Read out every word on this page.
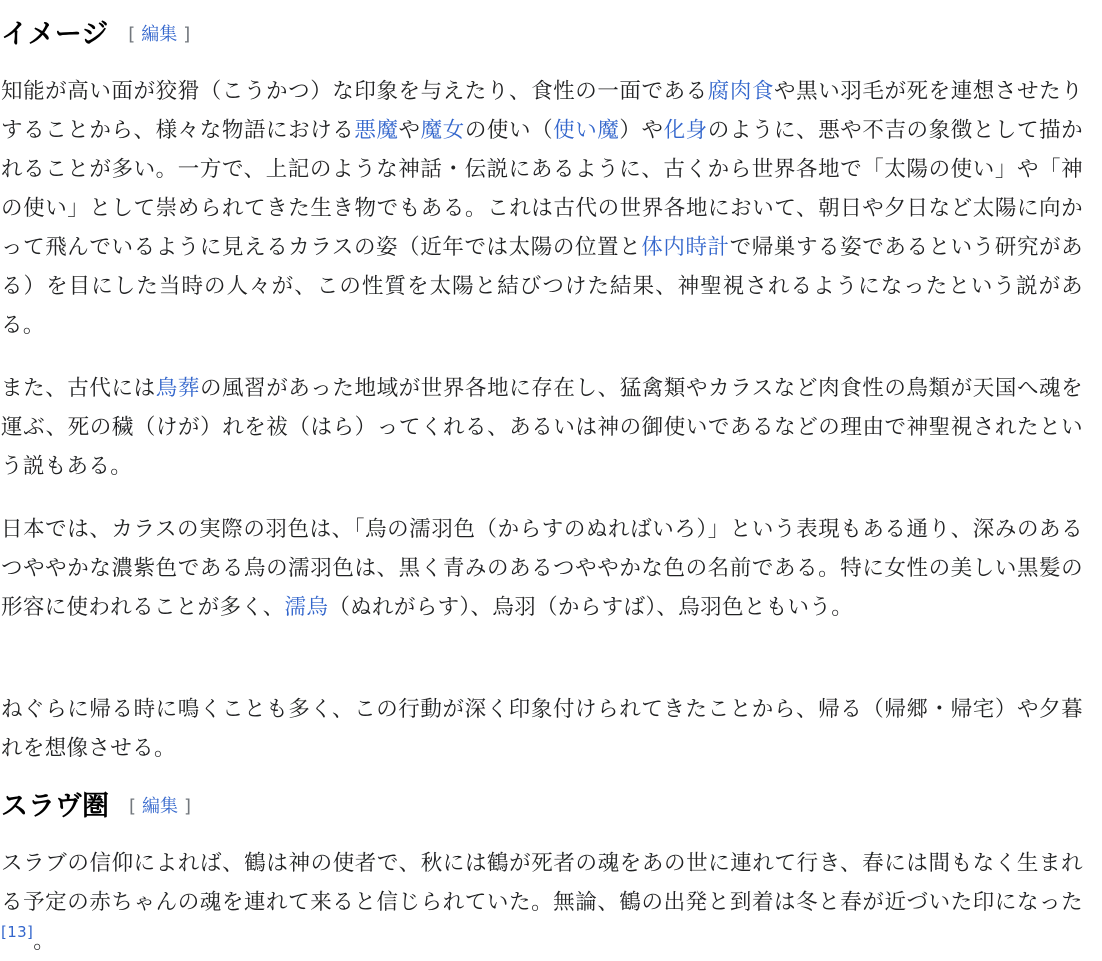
イメージ [ 編集 ]

知能が高い面が狡猾（こうかつ）な印象を与えたり、食性の一面である腐肉食や黒い羽毛が死を連想させたりすることから、様々な物語における悪魔や魔女の使い（使い魔）や化身のように、悪や不吉の象徴として描かれることが多い。一方で、上記のような神話・伝説にあるように、古くから世界各地で「太陽の使い」や「神の使い」として崇められてきた生き物でもある。これは古代の世界各地において、朝日や夕日など太陽に向かって飛んでいるように見えるカラスの姿（近年では太陽の位置と体内時計で帰巣する姿であるという研究がある）を目にした当時の人々が、この性質を太陽と結びつけた結果、神聖視されるようになったという説がある。

また、古代には鳥葬の風習があった地域が世界各地に存在し、猛禽類やカラスなど肉食性の鳥類が天国へ魂を運ぶ、死の穢（けが）れを祓（はら）ってくれる、あるいは神の御使いであるなどの理由で神聖視されたという説もある。

日本では、カラスの実際の羽色は、「烏の濡羽色（からすのぬればいろ）」という表現もある通り、深みのあるつややかな濃紫色である烏の濡羽色は、黒く青みのあるつややかな色の名前である。特に女性の美しい黒髪の形容に使われることが多く、濡烏（ぬれがらす）、烏羽（からすば）、烏羽色ともいう。

ねぐらに帰る時に鳴くことも多く、この行動が深く印象付けられてきたことから、帰る（帰郷・帰宅）や夕暮れを想像させる。

スラヴ圏 [ 編集 ]

スラブの信仰によれば、鶴は神の使者で、秋には鶴が死者の魂をあの世に連れて行き、春には間もなく生まれる予定の赤ちゃんの魂を連れて来ると信じられていた。無論、鶴の出発と到着は冬と春が近づいた印になった[13]。
